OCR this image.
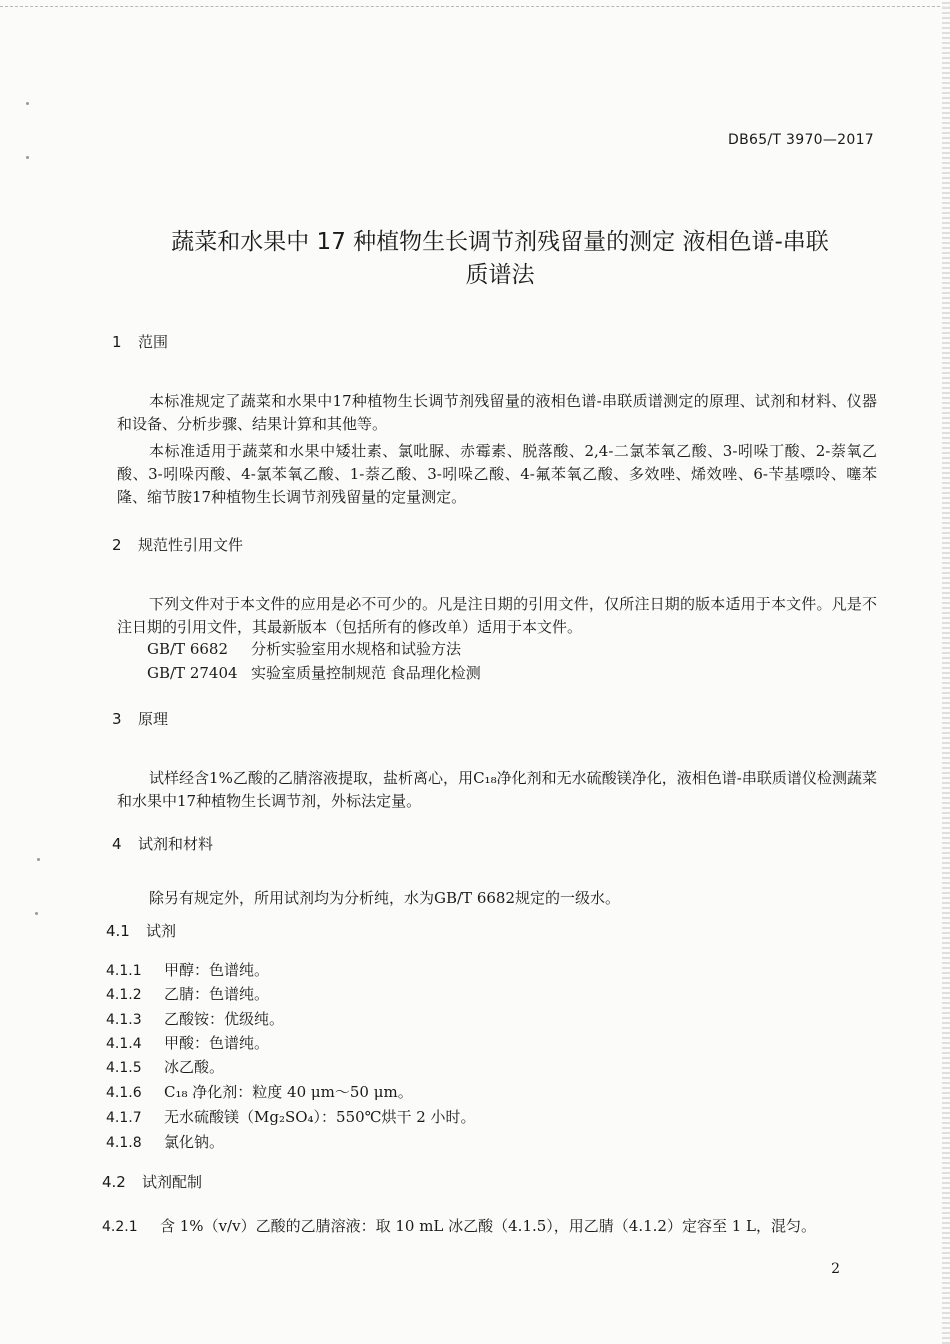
DB65/T 3970—2017
蔬菜和水果中 17 种植物生长调节剂残留量的测定 液相色谱-串联
质谱法
1 范围
本标准规定了蔬菜和水果中17种植物生长调节剂残留量的液相色谱-串联质谱测定的原理、试剂和材料、仪器和设备、分析步骤、结果计算和其他等。
本标准适用于蔬菜和水果中矮壮素、氯吡脲、赤霉素、脱落酸、2,4-二氯苯氧乙酸、3-吲哚丁酸、2-萘氧乙酸、3-吲哚丙酸、4-氯苯氧乙酸、1-萘乙酸、3-吲哚乙酸、4-氟苯氧乙酸、多效唑、烯效唑、6-苄基嘌呤、噻苯隆、缩节胺17种植物生长调节剂残留量的定量测定。
2 规范性引用文件
下列文件对于本文件的应用是必不可少的。凡是注日期的引用文件，仅所注日期的版本适用于本文件。凡是不注日期的引用文件，其最新版本（包括所有的修改单）适用于本文件。
GB/T 6682 分析实验室用水规格和试验方法
GB/T 27404 实验室质量控制规范 食品理化检测
3 原理
试样经含1%乙酸的乙腈溶液提取，盐析离心，用C₁₈净化剂和无水硫酸镁净化，液相色谱-串联质谱仪检测蔬菜和水果中17种植物生长调节剂，外标法定量。
4 试剂和材料
除另有规定外，所用试剂均为分析纯，水为GB/T 6682规定的一级水。
4.1 试剂
4.1.1 甲醇：色谱纯。
4.1.2 乙腈：色谱纯。
4.1.3 乙酸铵：优级纯。
4.1.4 甲酸：色谱纯。
4.1.5 冰乙酸。
4.1.6 C₁₈ 净化剂：粒度 40 μm～50 μm。
4.1.7 无水硫酸镁（Mg₂SO₄）：550℃烘干 2 小时。
4.1.8 氯化钠。
4.2 试剂配制
4.2.1 含 1%（v/v）乙酸的乙腈溶液：取 10 mL 冰乙酸（4.1.5），用乙腈（4.1.2）定容至 1 L，混匀。
2
